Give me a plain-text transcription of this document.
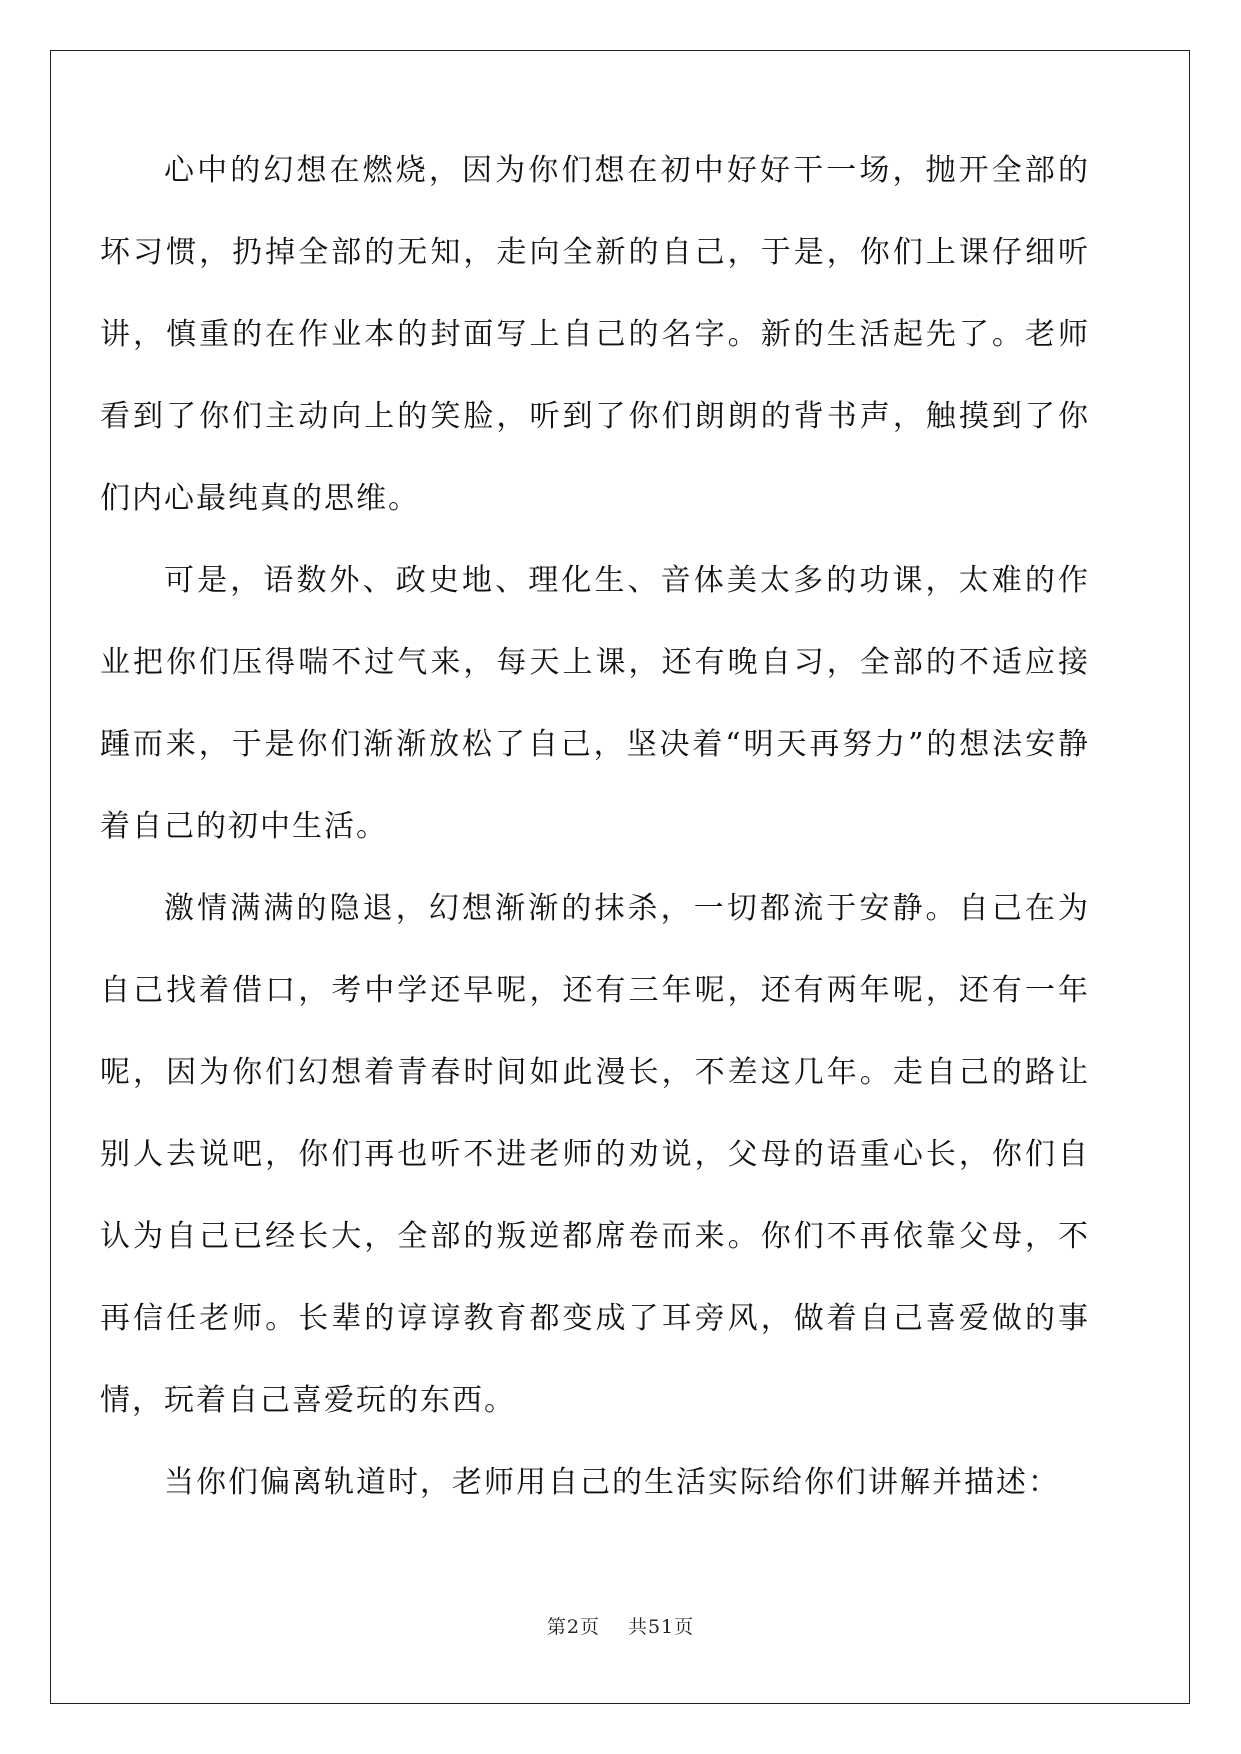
心中的幻想在燃烧，因为你们想在初中好好干一场，抛开全部的坏习惯，扔掉全部的无知，走向全新的自己，于是，你们上课仔细听讲，慎重的在作业本的封面写上自己的名字。新的生活起先了。老师看到了你们主动向上的笑脸，听到了你们朗朗的背书声，触摸到了你们内心最纯真的思维。

可是，语数外、政史地、理化生、音体美太多的功课，太难的作业把你们压得喘不过气来，每天上课，还有晚自习，全部的不适应接踵而来，于是你们渐渐放松了自己，坚决着“明天再努力”的想法安静着自己的初中生活。

激情满满的隐退，幻想渐渐的抹杀，一切都流于安静。自己在为自己找着借口，考中学还早呢，还有三年呢，还有两年呢，还有一年呢，因为你们幻想着青春时间如此漫长，不差这几年。走自己的路让别人去说吧，你们再也听不进老师的劝说，父母的语重心长，你们自认为自己已经长大，全部的叛逆都席卷而来。你们不再依靠父母，不再信任老师。长辈的谆谆教育都变成了耳旁风，做着自己喜爱做的事情，玩着自己喜爱玩的东西。

当你们偏离轨道时，老师用自己的生活实际给你们讲解并描述：

第2页 共51页
